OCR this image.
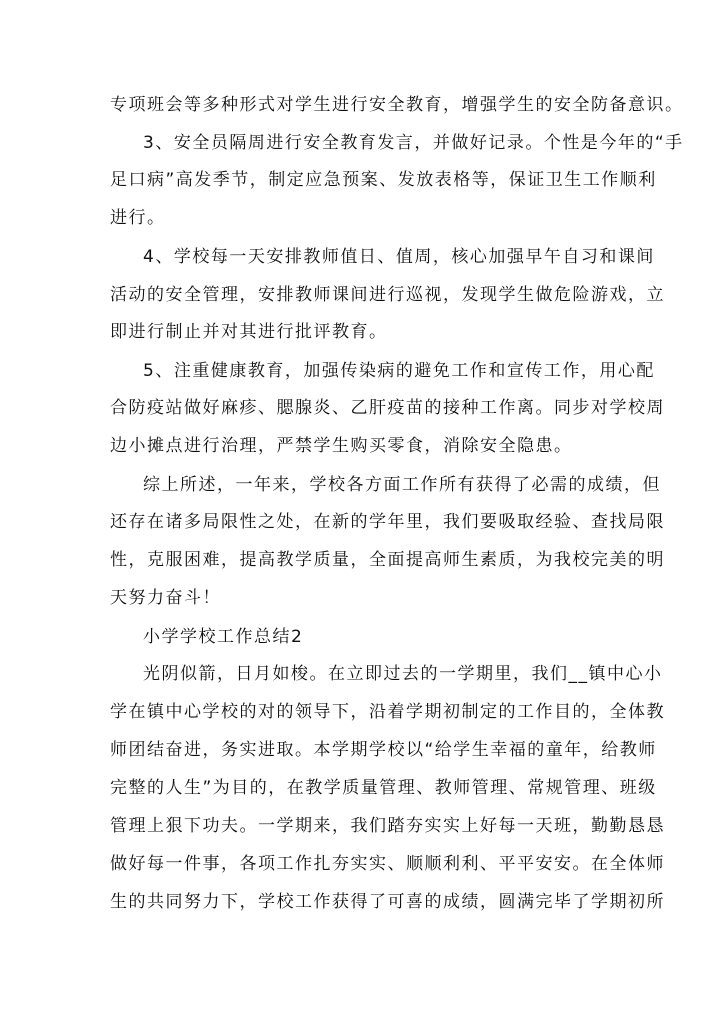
专项班会等多种形式对学生进行安全教育，增强学生的安全防备意识。
3、安全员隔周进行安全教育发言，并做好记录。个性是今年的“手
足口病”高发季节，制定应急预案、发放表格等，保证卫生工作顺利
进行。
4、学校每一天安排教师值日、值周，核心加强早午自习和课间
活动的安全管理，安排教师课间进行巡视，发现学生做危险游戏，立
即进行制止并对其进行批评教育。
5、注重健康教育，加强传染病的避免工作和宣传工作，用心配
合防疫站做好麻疹、腮腺炎、乙肝疫苗的接种工作离。同步对学校周
边小摊点进行治理，严禁学生购买零食，消除安全隐患。
综上所述，一年来，学校各方面工作所有获得了必需的成绩，但
还存在诸多局限性之处，在新的学年里，我们要吸取经验、查找局限
性，克服困难，提高教学质量，全面提高师生素质，为我校完美的明
天努力奋斗！
小学学校工作总结2
光阴似箭，日月如梭。在立即过去的一学期里，我们__镇中心小
学在镇中心学校的对的领导下，沿着学期初制定的工作目的，全体教
师团结奋进，务实进取。本学期学校以“给学生幸福的童年，给教师
完整的人生”为目的，在教学质量管理、教师管理、常规管理、班级
管理上狠下功夫。一学期来，我们踏夯实实上好每一天班，勤勤恳恳
做好每一件事，各项工作扎夯实实、顺顺利利、平平安安。在全体师
生的共同努力下，学校工作获得了可喜的成绩，圆满完毕了学期初所
